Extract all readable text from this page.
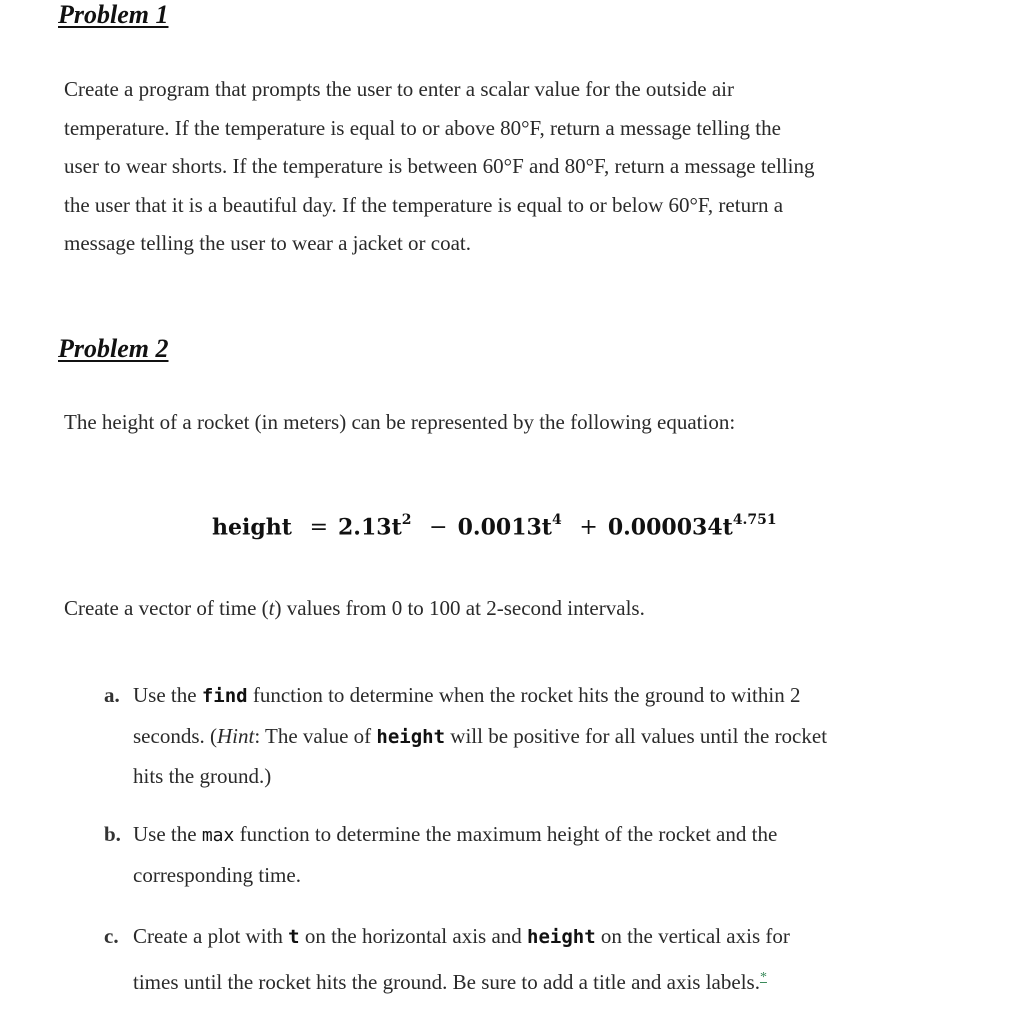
Problem 1
Create a program that prompts the user to enter a scalar value for the outside air
temperature. If the temperature is equal to or above 80°F, return a message telling the
user to wear shorts. If the temperature is between 60°F and 80°F, return a message telling
the user that it is a beautiful day. If the temperature is equal to or below 60°F, return a
message telling the user to wear a jacket or coat.
Problem 2
The height of a rocket (in meters) can be represented by the following equation:
height = $2.13t^2 - 0.0013t^4 + 0.000034t^{4.751}$
Create a vector of time (t) values from 0 to 100 at 2-second intervals.
a. Use the find function to determine when the rocket hits the ground to within 2
seconds. (Hint: The value of height will be positive for all values until the rocket
hits the ground.)
b. Use the max function to determine the maximum height of the rocket and the
corresponding time.
c. Create a plot with t on the horizontal axis and height on the vertical axis for
times until the rocket hits the ground. Be sure to add a title and axis labels.*
